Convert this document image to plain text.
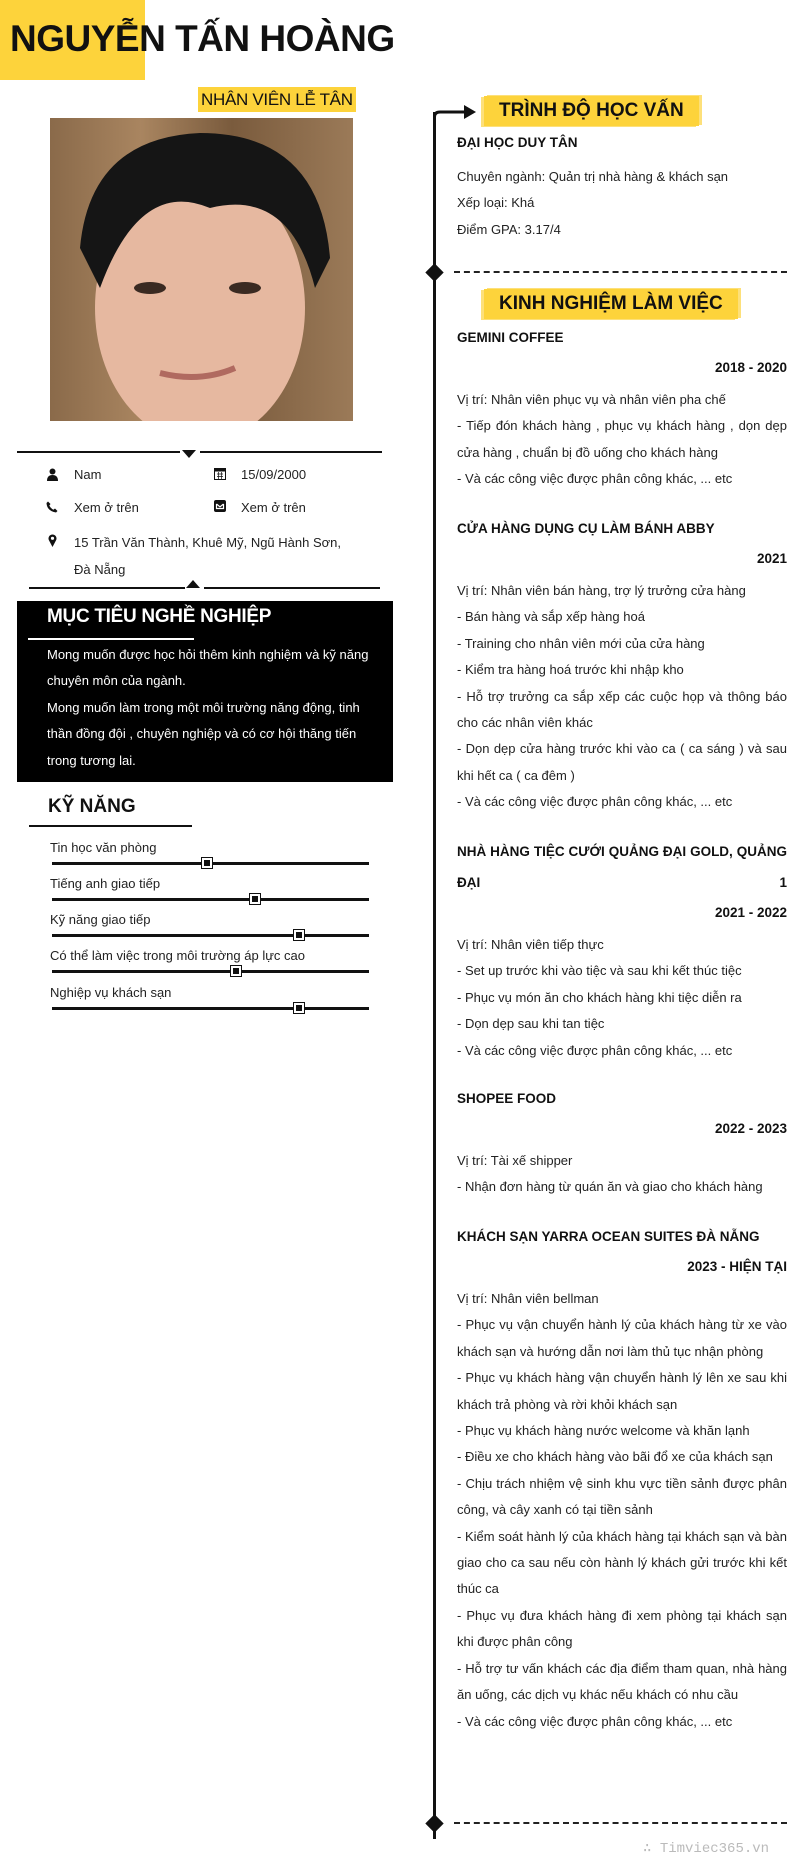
NGUYỄN TẤN HOÀNG
NHÂN VIÊN LỄ TÂN
Nam	15/09/2000
Xem ở trên	Xem ở trên
15 Trần Văn Thành, Khuê Mỹ, Ngũ Hành Sơn, Đà Nẵng
MỤC TIÊU NGHỀ NGHIỆP
Mong muốn được học hỏi thêm kinh nghiệm và kỹ năng chuyên môn của ngành.
Mong muốn làm trong một môi trường năng động, tinh thần đồng đội , chuyên nghiệp và có cơ hội thăng tiến trong tương lai.
KỸ NĂNG
Tin học văn phòng
Tiếng anh giao tiếp
Kỹ năng giao tiếp
Có thể làm việc trong môi trường áp lực cao
Nghiệp vụ khách sạn
TRÌNH ĐỘ HỌC VẤN
ĐẠI HỌC DUY TÂN
Chuyên ngành: Quản trị nhà hàng & khách sạn
Xếp loại: Khá
Điểm GPA: 3.17/4
KINH NGHIỆM LÀM VIỆC
GEMINI COFFEE
2018 - 2020
Vị trí: Nhân viên phục vụ và nhân viên pha chế
- Tiếp đón khách hàng , phục vụ khách hàng , dọn dẹp cửa hàng , chuẩn bị đồ uống cho khách hàng
- Và các công việc được phân công khác, ... etc
CỬA HÀNG DỤNG CỤ LÀM BÁNH ABBY
2021
Vị trí: Nhân viên bán hàng, trợ lý trưởng cửa hàng
- Bán hàng và sắp xếp hàng hoá
- Training cho nhân viên mới của cửa hàng
- Kiểm tra hàng hoá trước khi nhập kho
- Hỗ trợ trưởng ca sắp xếp các cuộc họp và thông báo cho các nhân viên khác
- Dọn dẹp cửa hàng trước khi vào ca ( ca sáng ) và sau khi hết ca ( ca đêm )
- Và các công việc được phân công khác, ... etc
NHÀ HÀNG TIỆC CƯỚI QUẢNG ĐẠI GOLD, QUẢNG ĐẠI 1
2021 - 2022
Vị trí: Nhân viên tiếp thực
- Set up trước khi vào tiệc và sau khi kết thúc tiệc
- Phục vụ món ăn cho khách hàng khi tiệc diễn ra
- Dọn dẹp sau khi tan tiệc
- Và các công việc được phân công khác, ... etc
SHOPEE FOOD
2022 - 2023
Vị trí: Tài xế shipper
- Nhận đơn hàng từ quán ăn và giao cho khách hàng
KHÁCH SẠN YARRA OCEAN SUITES ĐÀ NẴNG
2023 - HIỆN TẠI
Vị trí: Nhân viên bellman
- Phục vụ vận chuyển hành lý của khách hàng từ xe vào khách sạn và hướng dẫn nơi làm thủ tục nhận phòng
- Phục vụ khách hàng vận chuyển hành lý lên xe sau khi khách trả phòng và rời khỏi khách sạn
- Phục vụ khách hàng nước welcome và khăn lạnh
- Điều xe cho khách hàng vào bãi đổ xe của khách sạn
- Chịu trách nhiệm vệ sinh khu vực tiền sảnh được phân công, và cây xanh có tại tiền sảnh
- Kiểm soát hành lý của khách hàng tại khách sạn và bàn giao cho ca sau nếu còn hành lý khách gửi trước khi kết thúc ca
- Phục vụ đưa khách hàng đi xem phòng tại khách sạn khi được phân công
- Hỗ trợ tư vấn khách các địa điểm tham quan, nhà hàng ăn uống, các dịch vụ khác nếu khách có nhu cầu
- Và các công việc được phân công khác, ... etc
∴ Timviec365.vn
